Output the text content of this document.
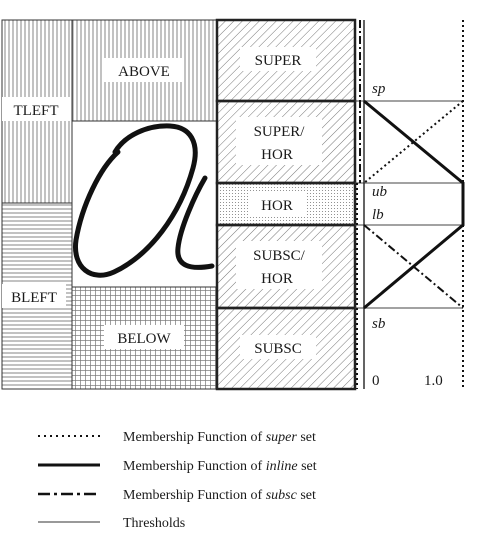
TLEFT
BLEFT
ABOVE
BELOW
SUPER
SUPER/
HOR
HOR
SUBSC/
HOR
SUBSC
sp
ub
lb
sb
0	1.0
Membership Function of super set
Membership Function of inline set
Membership Function of subsc set
Thresholds
